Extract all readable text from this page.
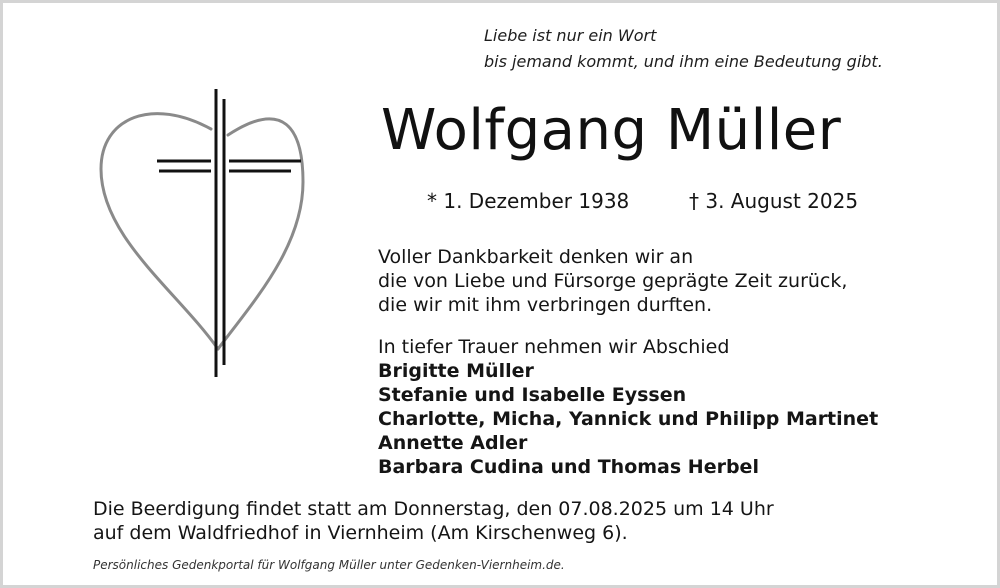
Liebe ist nur ein Wort
bis jemand kommt, und ihm eine Bedeutung gibt.
Wolfgang Müller
* 1. Dezember 1938	† 3. August 2025
Voller Dankbarkeit denken wir an
die von Liebe und Fürsorge geprägte Zeit zurück,
die wir mit ihm verbringen durften.
In tiefer Trauer nehmen wir Abschied
Brigitte Müller
Stefanie und Isabelle Eyssen
Charlotte, Micha, Yannick und Philipp Martinet
Annette Adler
Barbara Cudina und Thomas Herbel
Die Beerdigung findet statt am Donnerstag, den 07.08.2025 um 14 Uhr
auf dem Waldfriedhof in Viernheim (Am Kirschenweg 6).
Persönliches Gedenkportal für Wolfgang Müller unter Gedenken-Viernheim.de.
